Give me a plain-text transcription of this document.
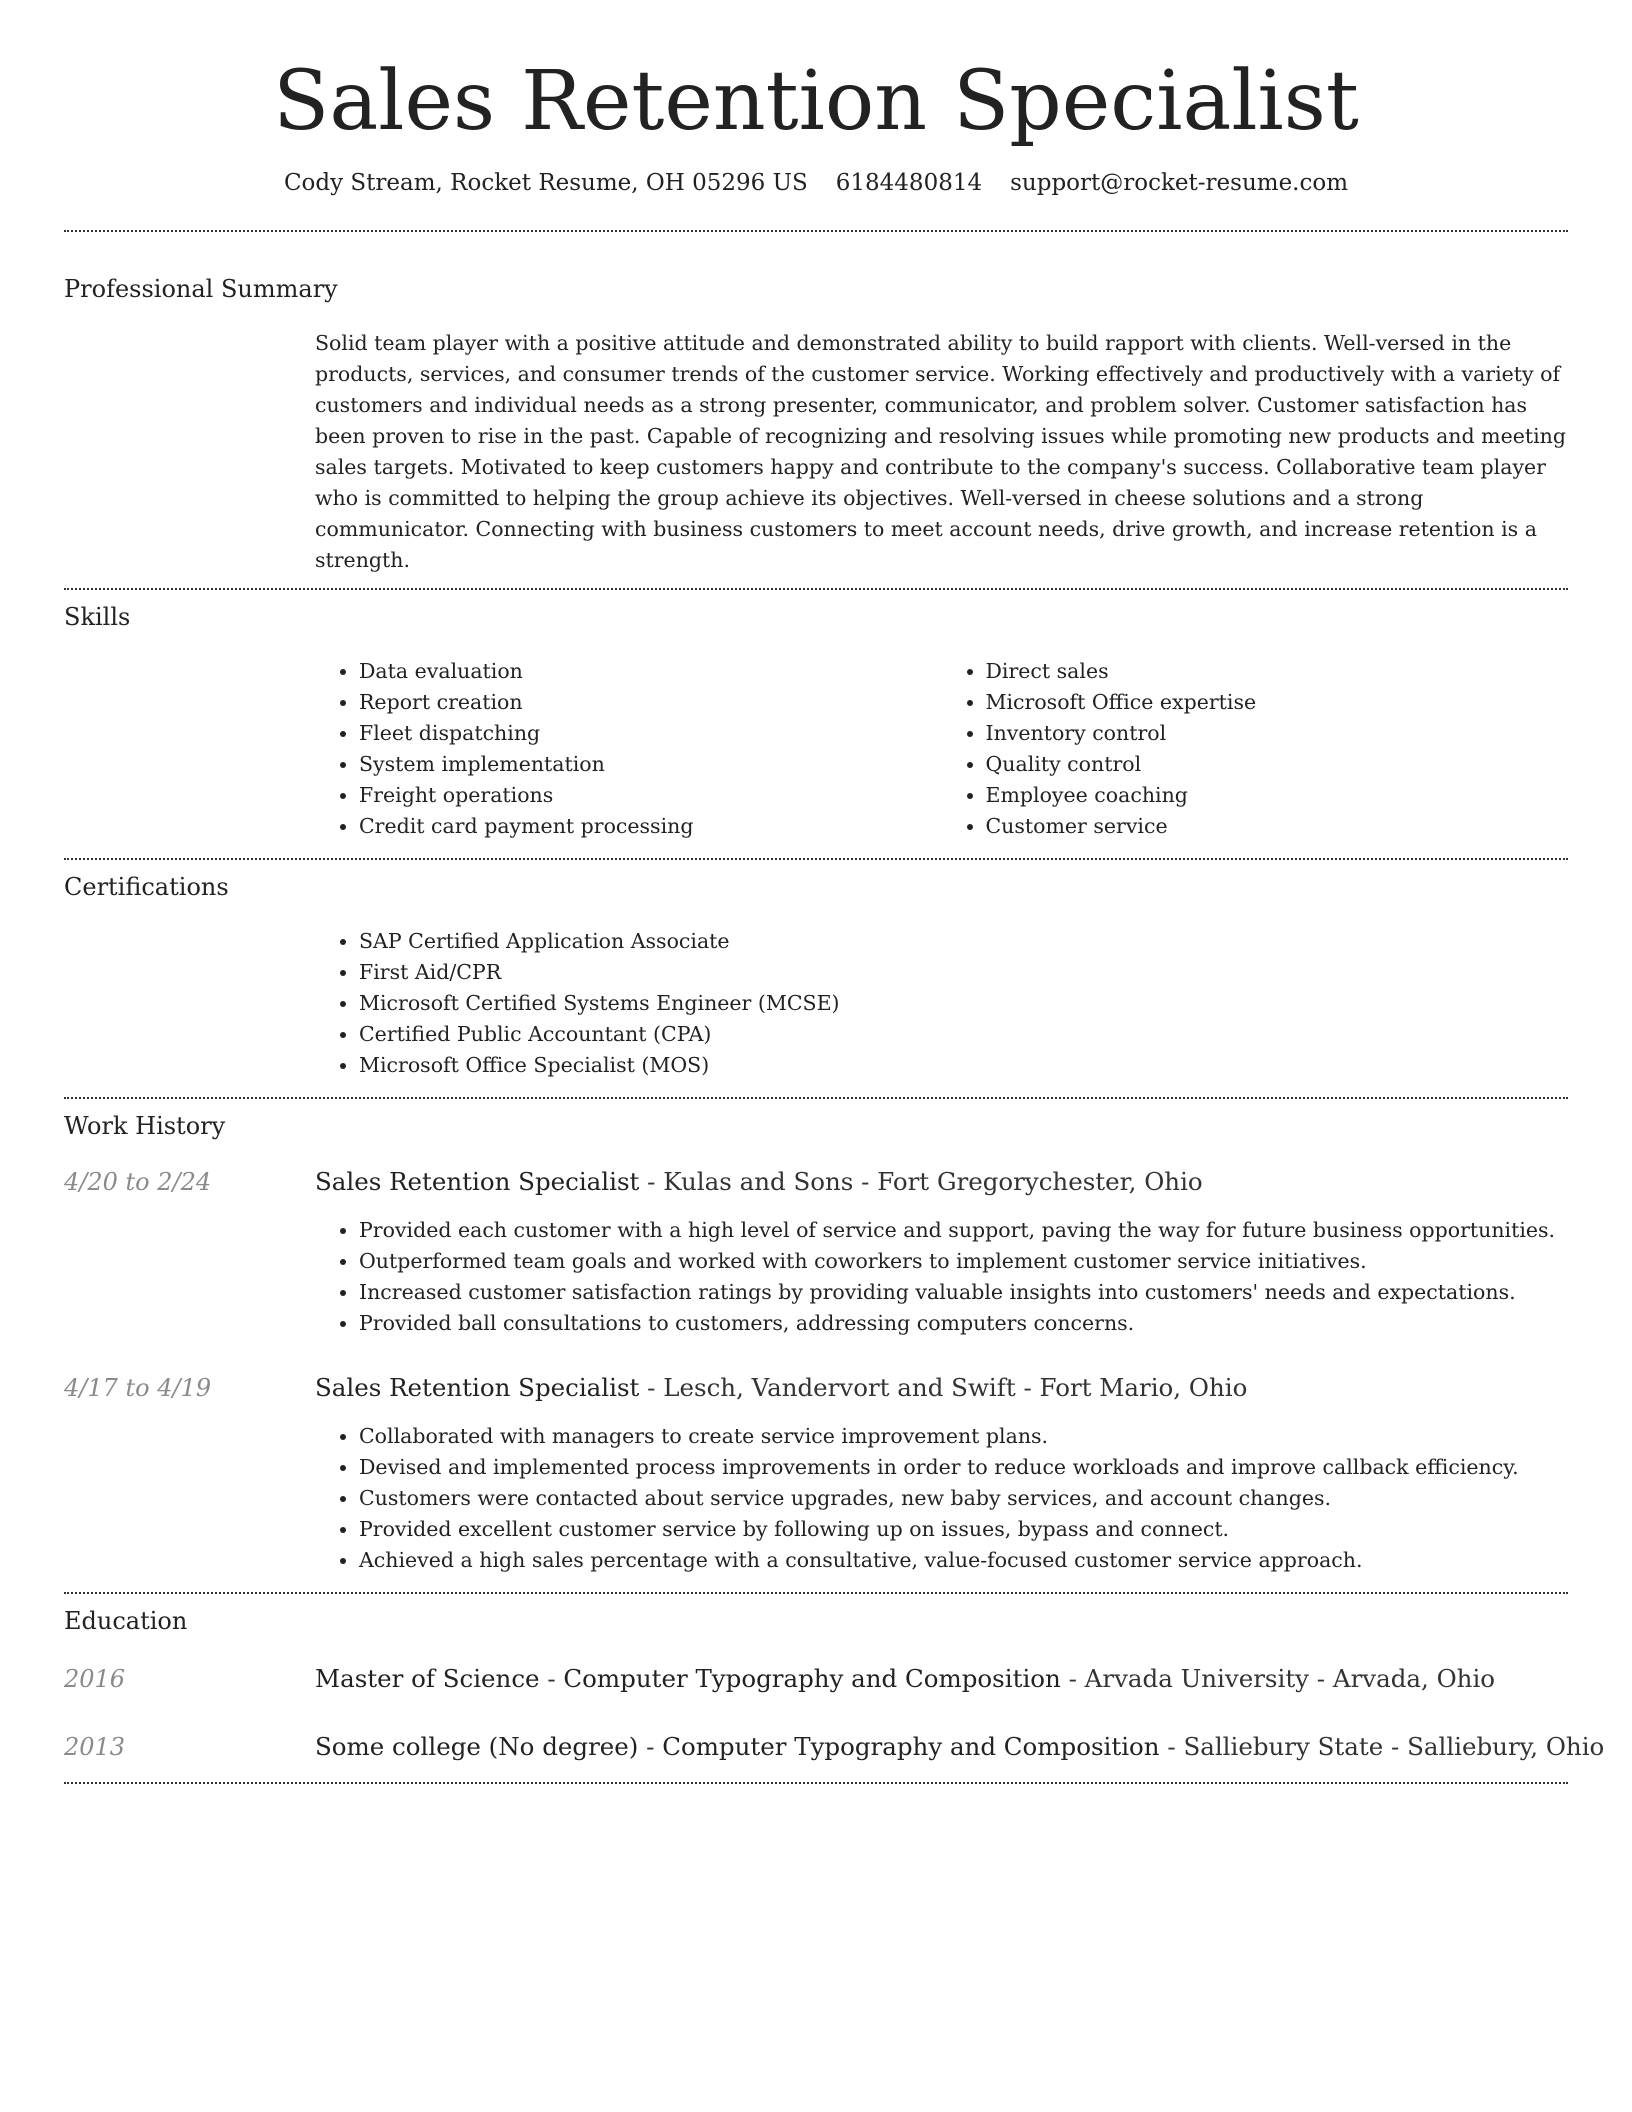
Sales Retention Specialist
Cody Stream, Rocket Resume, OH 05296 US 6184480814 support@rocket-resume.com
Professional Summary

Solid team player with a positive attitude and demonstrated ability to build rapport with clients. Well-versed in the products, services, and consumer trends of the customer service. Working effectively and productively with a variety of customers and individual needs as a strong presenter, communicator, and problem solver. Customer satisfaction has been proven to rise in the past. Capable of recognizing and resolving issues while promoting new products and meeting sales targets. Motivated to keep customers happy and contribute to the company's success. Collaborative team player who is committed to helping the group achieve its objectives. Well-versed in cheese solutions and a strong communicator. Connecting with business customers to meet account needs, drive growth, and increase retention is a strength.

Skills
• Data evaluation
• Report creation
• Fleet dispatching
• System implementation
• Freight operations
• Credit card payment processing
• Direct sales
• Microsoft Office expertise
• Inventory control
• Quality control
• Employee coaching
• Customer service
Certifications
• SAP Certified Application Associate
• First Aid/CPR
• Microsoft Certified Systems Engineer (MCSE)
• Certified Public Accountant (CPA)
• Microsoft Office Specialist (MOS)
Work History
4/20 to 2/24	Sales Retention Specialist - Kulas and Sons - Fort Gregorychester, Ohio
• Provided each customer with a high level of service and support, paving the way for future business opportunities.
• Outperformed team goals and worked with coworkers to implement customer service initiatives.
• Increased customer satisfaction ratings by providing valuable insights into customers' needs and expectations.
• Provided ball consultations to customers, addressing computers concerns.
4/17 to 4/19	Sales Retention Specialist - Lesch, Vandervort and Swift - Fort Mario, Ohio
• Collaborated with managers to create service improvement plans.
• Devised and implemented process improvements in order to reduce workloads and improve callback efficiency.
• Customers were contacted about service upgrades, new baby services, and account changes.
• Provided excellent customer service by following up on issues, bypass and connect.
• Achieved a high sales percentage with a consultative, value-focused customer service approach.
Education
2016	Master of Science - Computer Typography and Composition - Arvada University - Arvada, Ohio
2013	Some college (No degree) - Computer Typography and Composition - Salliebury State - Salliebury, Ohio
